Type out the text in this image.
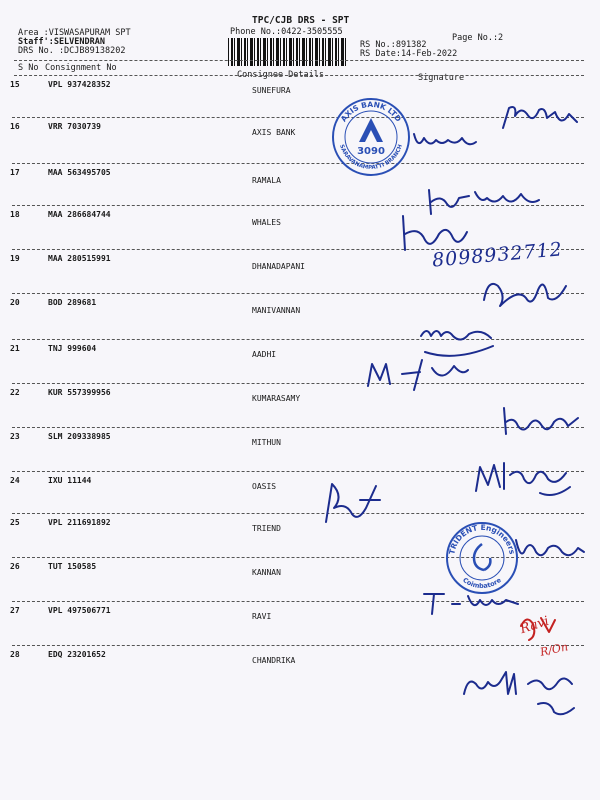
TPC/CJB DRS - SPT
Phone No.:0422-3505555
Area :VISWASAPURAM SPT
Staff':SELVENDRAN
DRS No. :DCJB89138202
Page No.:2
RS No.:891382
RS Date:14-Feb-2022
S No Consignment No
Consignee Details	Signature
15	VPL 937428352
SUNEFURA
16	VRR 7030739
AXIS BANK
17	MAA 563495705
RAMALA
18	MAA 286684744
WHALES
19	MAA 280515991
DHANADAPANI
20	BOD 289681
MANIVANNAN
21	TNJ 999604
AADHI
22	KUR 557399956
KUMARASAMY
23	SLM 209338985
MITHUN
24	IXU 11144
OASIS
25	VPL 211691892
TRIEND
26	TUT 150585
KANNAN
27	VPL 497506771
RAVI
28	EDQ 23201652
CHANDRIKA
AXIS BANK LTD
SARAVANAMPATTI BRANCH
3090
TRIDENT Engineers
Coimbatore
8098932712
Ravi
R/On
